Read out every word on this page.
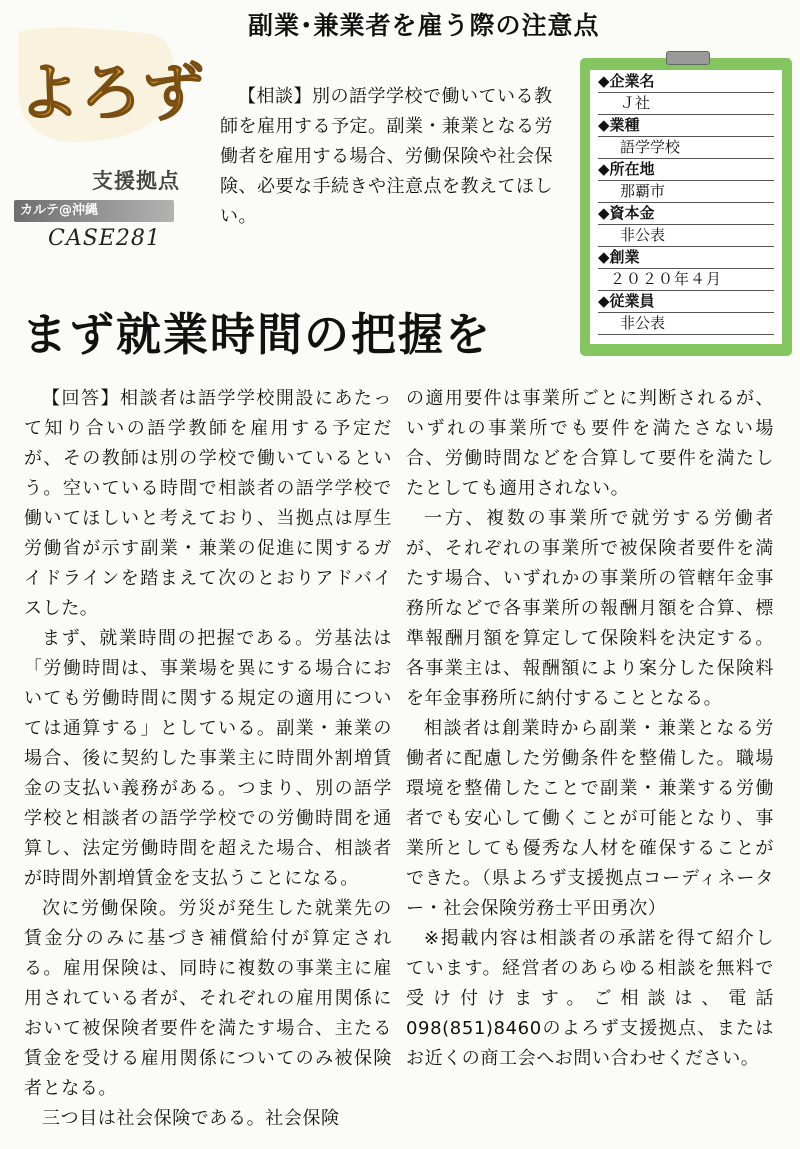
よろず
支援拠点
カルテ@沖縄
CASE281
副業･兼業者を雇う際の注意点
【相談】別の語学学校で働いている教師を雇用する予定。副業・兼業となる労働者を雇用する場合、労働保険や社会保険、必要な手続きや注意点を教えてほしい。
◆企業名
Ｊ社
◆業種
語学学校
◆所在地
那覇市
◆資本金
非公表
◆創業
２０２０年４月
◆従業員
非公表
まず就業時間の把握を

【回答】相談者は語学学校開設にあたって知り合いの語学教師を雇用する予定だが、その教師は別の学校で働いているという。空いている時間で相談者の語学学校で働いてほしいと考えており、当拠点は厚生労働省が示す副業・兼業の促進に関するガイドラインを踏まえて次のとおりアドバイスした。

まず、就業時間の把握である。労基法は「労働時間は、事業場を異にする場合においても労働時間に関する規定の適用については通算する」としている。副業・兼業の場合、後に契約した事業主に時間外割増賃金の支払い義務がある。つまり、別の語学学校と相談者の語学学校での労働時間を通算し、法定労働時間を超えた場合、相談者が時間外割増賃金を支払うことになる。

次に労働保険。労災が発生した就業先の賃金分のみに基づき補償給付が算定される。雇用保険は、同時に複数の事業主に雇用されている者が、それぞれの雇用関係において被保険者要件を満たす場合、主たる賃金を受ける雇用関係についてのみ被保険者となる。

三つ目は社会保険である。社会保険

の適用要件は事業所ごとに判断されるが、いずれの事業所でも要件を満たさない場合、労働時間などを合算して要件を満たしたとしても適用されない。

一方、複数の事業所で就労する労働者が、それぞれの事業所で被保険者要件を満たす場合、いずれかの事業所の管轄年金事務所などで各事業所の報酬月額を合算、標準報酬月額を算定して保険料を決定する。各事業主は、報酬額により案分した保険料を年金事務所に納付することとなる。

相談者は創業時から副業・兼業となる労働者に配慮した労働条件を整備した。職場環境を整備したことで副業・兼業する労働者でも安心して働くことが可能となり、事業所としても優秀な人材を確保することができた。（県よろず支援拠点コーディネーター・社会保険労務士平田勇次）

※掲載内容は相談者の承諾を得て紹介しています。経営者のあらゆる相談を無料で受け付けます。ご相談は、電話098(851)8460のよろず支援拠点、またはお近くの商工会へお問い合わせください。
